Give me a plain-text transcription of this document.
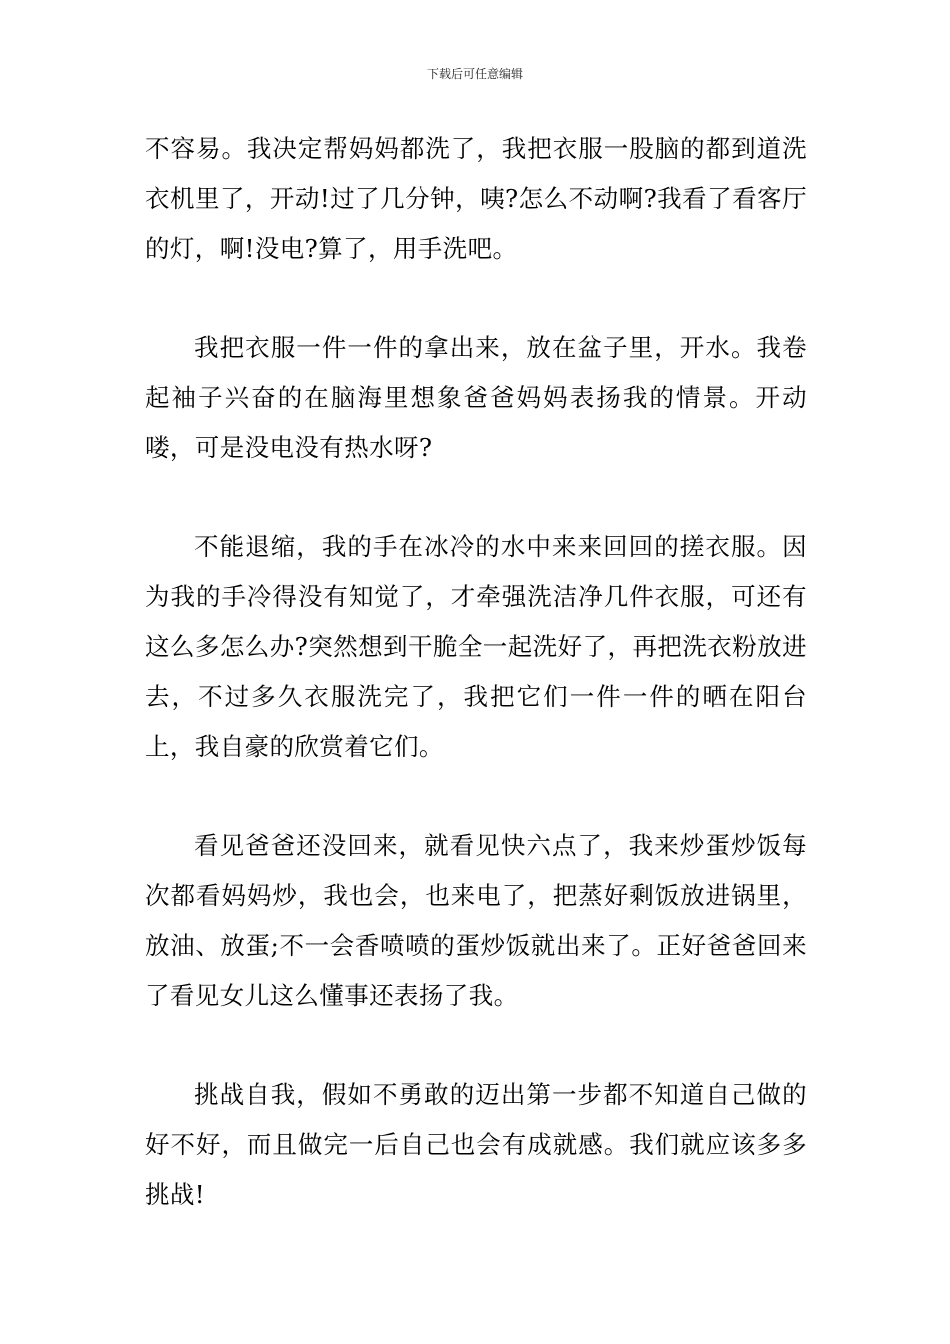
下载后可任意编辑

不容易。我决定帮妈妈都洗了，我把衣服一股脑的都到道洗衣机里了，开动!过了几分钟，咦?怎么不动啊?我看了看客厅的灯，啊!没电?算了，用手洗吧。

我把衣服一件一件的拿出来，放在盆子里，开水。我卷起袖子兴奋的在脑海里想象爸爸妈妈表扬我的情景。开动喽，可是没电没有热水呀?

不能退缩，我的手在冰冷的水中来来回回的搓衣服。因为我的手冷得没有知觉了，才牵强洗洁净几件衣服，可还有这么多怎么办?突然想到干脆全一起洗好了，再把洗衣粉放进去，不过多久衣服洗完了，我把它们一件一件的晒在阳台上，我自豪的欣赏着它们。

看见爸爸还没回来，就看见快六点了，我来炒蛋炒饭每次都看妈妈炒，我也会，也来电了，把蒸好剩饭放进锅里，放油、放蛋;不一会香喷喷的蛋炒饭就出来了。正好爸爸回来了看见女儿这么懂事还表扬了我。

挑战自我，假如不勇敢的迈出第一步都不知道自己做的好不好，而且做完一后自己也会有成就感。我们就应该多多挑战!
